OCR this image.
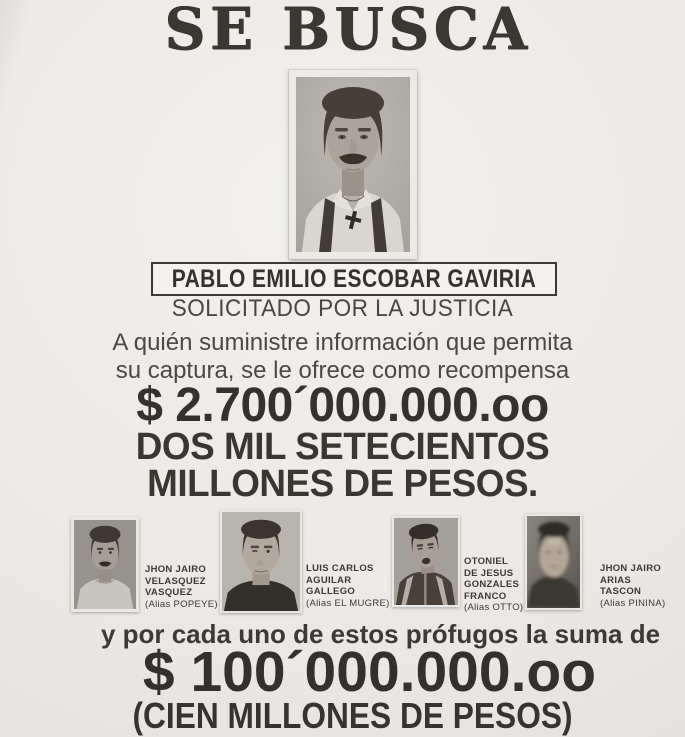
SE BUSCA
PABLO EMILIO ESCOBAR GAVIRIA
SOLICITADO POR LA JUSTICIA
A quién suministre información que permita
su captura, se le ofrece como recompensa
$ 2.700´000.000.oo
DOS MIL SETECIENTOS
MILLONES DE PESOS.
JHON JAIRO
VELASQUEZ
VASQUEZ
(Alias POPEYE)
LUIS CARLOS
AGUILAR
GALLEGO
(Alias EL MUGRE)
OTONIEL
DE JESUS
GONZALES
FRANCO
(Alias OTTO)
JHON JAIRO
ARIAS
TASCON
(Alias PININA)
y por cada uno de estos prófugos la suma de
$ 100´000.000.oo
(CIEN MILLONES DE PESOS)
